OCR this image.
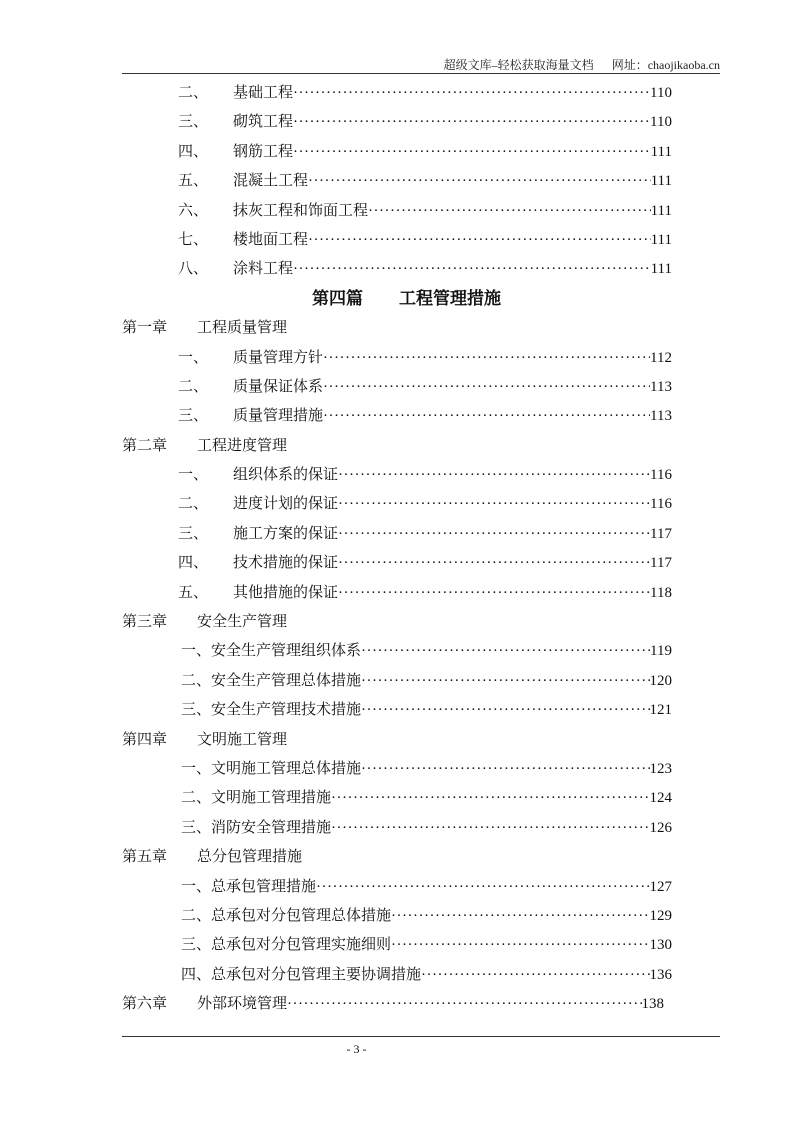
超级文库–轻松获取海量文档 网址：chaojikaoba.cn
二、	基础工程 ·····	110
三、	砌筑工程 ·····	110
四、	钢筋工程 ·····	111
五、	混凝土工程 ·····	111
六、	抹灰工程和饰面工程 ·····	111
七、	楼地面工程 ·····	111
八、	涂料工程 ·····	111
第四篇 工程管理措施
第一章	工程质量管理
一、	质量管理方针 ·····	112
二、	质量保证体系 ·····	113
三、	质量管理措施 ·····	113
第二章	工程进度管理
一、	组织体系的保证 ·····	116
二、	进度计划的保证 ·····	116
三、	施工方案的保证 ·····	117
四、	技术措施的保证 ·····	117
五、	其他措施的保证 ·····	118
第三章	安全生产管理
一、安全生产管理组织体系 ·····	119
二、安全生产管理总体措施 ·····	120
三、安全生产管理技术措施 ·····	121
第四章	文明施工管理
一、文明施工管理总体措施 ·····	123
二、文明施工管理措施 ·····	124
三、消防安全管理措施 ·····	126
第五章	总分包管理措施
一、总承包管理措施 ·····	127
二、总承包对分包管理总体措施 ·····	129
三、总承包对分包管理实施细则 ·····	130
四、总承包对分包管理主要协调措施 ·····	136
第六章	外部环境管理 ·····	138
- 3 -
